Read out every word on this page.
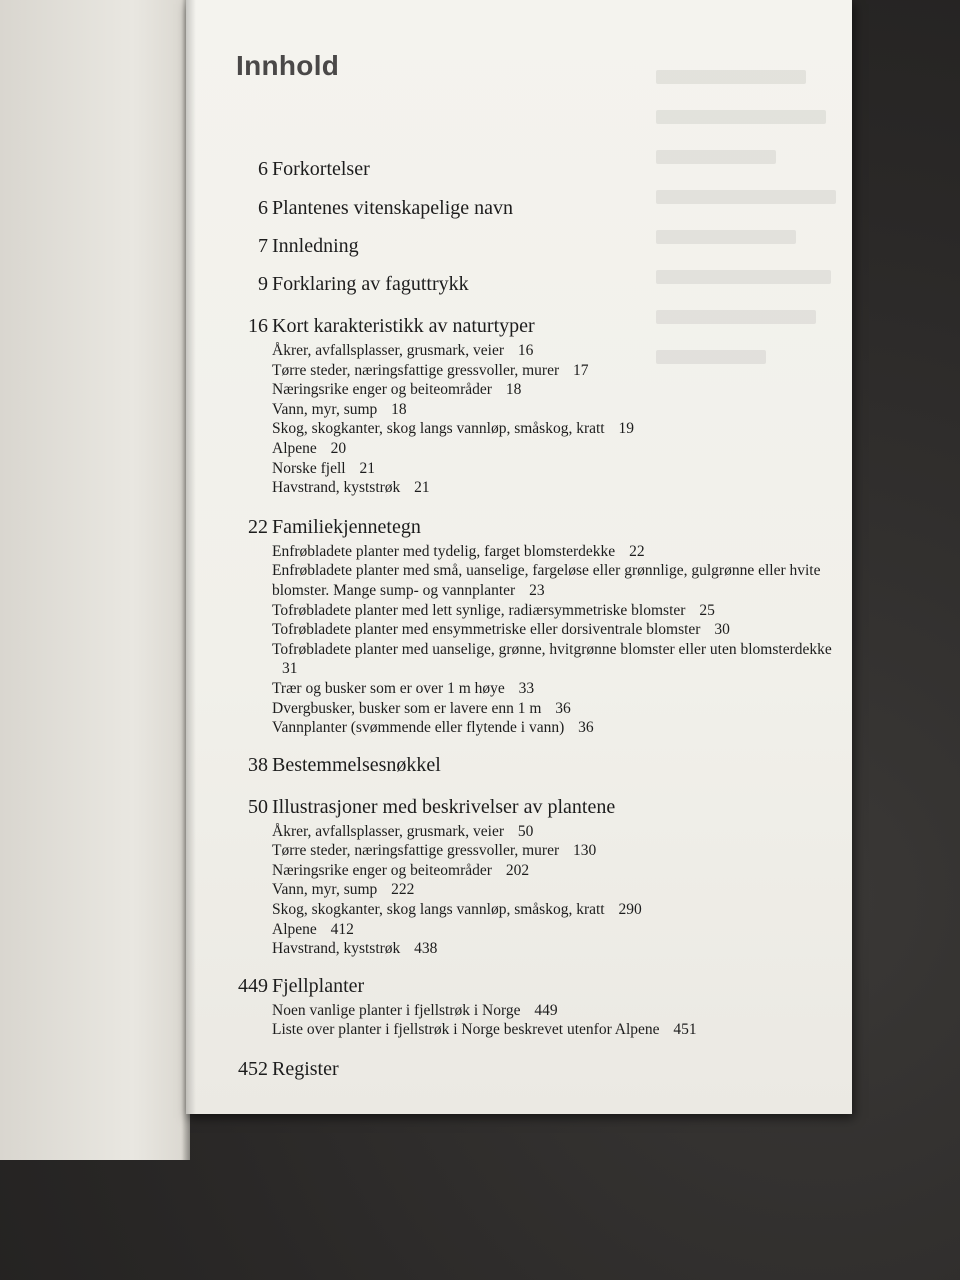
Innhold
6 Forkortelser
6 Plantenes vitenskapelige navn
7 Innledning
9 Forklaring av faguttrykk
16 Kort karakteristikk av naturtyper
Åkrer, avfallsplasser, grusmark, veier 16
Tørre steder, næringsfattige gressvoller, murer 17
Næringsrike enger og beiteområder 18
Vann, myr, sump 18
Skog, skogkanter, skog langs vannløp, småskog, kratt 19
Alpene 20
Norske fjell 21
Havstrand, kyststrøk 21
22 Familiekjennetegn
Enfrøbladete planter med tydelig, farget blomsterdekke 22
Enfrøbladete planter med små, uanselige, fargeløse eller grønnlige, gulgrønne eller hvite blomster. Mange sump- og vannplanter 23
Tofrøbladete planter med lett synlige, radiærsymmetriske blomster 25
Tofrøbladete planter med ensymmetriske eller dorsiventrale blomster 30
Tofrøbladete planter med uanselige, grønne, hvitgrønne blomster eller uten blomsterdekke 31
Trær og busker som er over 1 m høye 33
Dvergbusker, busker som er lavere enn 1 m 36
Vannplanter (svømmende eller flytende i vann) 36
38 Bestemmelsesnøkkel
50 Illustrasjoner med beskrivelser av plantene
Åkrer, avfallsplasser, grusmark, veier 50
Tørre steder, næringsfattige gressvoller, murer 130
Næringsrike enger og beiteområder 202
Vann, myr, sump 222
Skog, skogkanter, skog langs vannløp, småskog, kratt 290
Alpene 412
Havstrand, kyststrøk 438
449 Fjellplanter
Noen vanlige planter i fjellstrøk i Norge 449
Liste over planter i fjellstrøk i Norge beskrevet utenfor Alpene 451
452 Register
